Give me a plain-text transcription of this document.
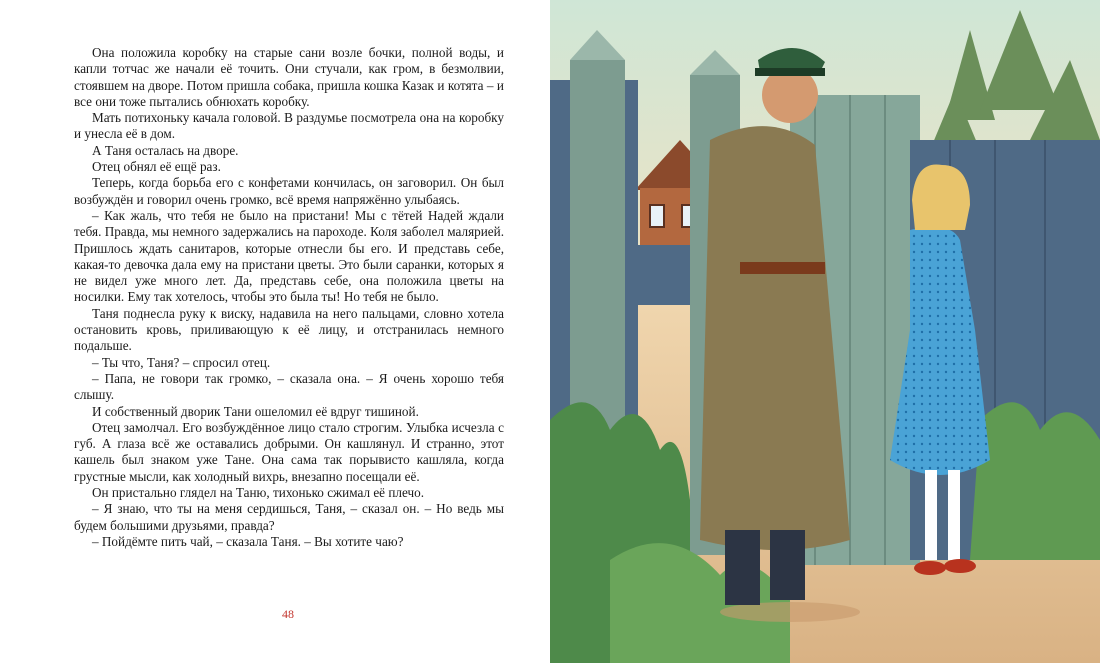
Она положила коробку на старые сани возле бочки, полной воды, и капли тотчас же начали её точить. Они стучали, как гром, в безмолвии, стоявшем на дворе. Потом пришла собака, пришла кошка Казак и котята – и все они тоже пытались обнюхать коробку.

Мать потихоньку качала головой. В раздумье посмотрела она на коробку и унесла её в дом.

А Таня осталась на дворе.

Отец обнял её ещё раз.

Теперь, когда борьба его с конфетами кончилась, он заговорил. Он был возбуждён и говорил очень громко, всё время напряжённо улыбаясь.

– Как жаль, что тебя не было на пристани! Мы с тётей Надей ждали тебя. Правда, мы немного задержались на пароходе. Коля заболел малярией. Пришлось ждать санитаров, которые отнесли бы его. И представь себе, какая-то девочка дала ему на пристани цветы. Это были саранки, которых я не видел уже много лет. Да, представь себе, она положила цветы на носилки. Ему так хотелось, чтобы это была ты! Но тебя не было.

Таня поднесла руку к виску, надавила на него пальцами, словно хотела остановить кровь, приливающую к её лицу, и отстранилась немного подальше.

– Ты что, Таня? – спросил отец.

– Папа, не говори так громко, – сказала она. – Я очень хорошо тебя слышу.

И собственный дворик Тани ошеломил её вдруг тишиной.

Отец замолчал. Его возбуждённое лицо стало строгим. Улыбка исчезла с губ. А глаза всё же оставались добрыми. Он кашлянул. И странно, этот кашель был знаком уже Тане. Она сама так порывисто кашляла, когда грустные мысли, как холодный вихрь, внезапно посещали её.

Он пристально глядел на Таню, тихонько сжимал её плечо.

– Я знаю, что ты на меня сердишься, Таня, – сказал он. – Но ведь мы будем большими друзьями, правда?

– Пойдёмте пить чай, – сказала Таня. – Вы хотите чаю?

48
